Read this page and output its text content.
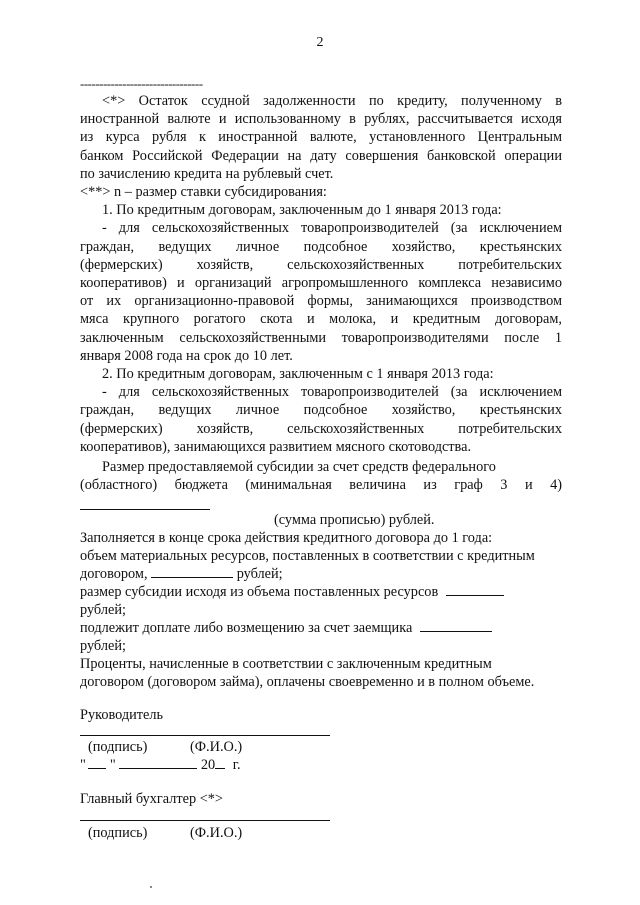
2
--------------------------------

<*> Остаток ссудной задолженности по кредиту, полученному в

иностранной валюте и использованному в рублях, рассчитывается исходя

из курса рубля к иностранной валюте, установленного Центральным

банком Российской Федерации на дату совершения банковской операции

по зачислению кредита на рублевый счет.

<**> n – размер ставки субсидирования:

1. По кредитным договорам, заключенным до 1 января 2013 года:

- для сельскохозяйственных товаропроизводителей (за исключением

граждан, ведущих личное подсобное хозяйство, крестьянских

(фермерских) хозяйств, сельскохозяйственных потребительских

кооперативов) и организаций агропромышленного комплекса независимо

от их организационно-правовой формы, занимающихся производством

мяса крупного рогатого скота и молока, и кредитным договорам,

заключенным сельскохозяйственными товаропроизводителями после 1

января 2008 года на срок до 10 лет.

2. По кредитным договорам, заключенным с 1 января 2013 года:

- для сельскохозяйственных товаропроизводителей (за исключением

граждан, ведущих личное подсобное хозяйство, крестьянских

(фермерских) хозяйств, сельскохозяйственных потребительских

кооперативов), занимающихся развитием мясного скотоводства.

Размер предоставляемой субсидии за счет средств федерального

(областного) бюджета (минимальная величина из граф 3 и 4)

(сумма прописью) рублей.
Заполняется в конце срока действия кредитного договора до 1 года:
объем материальных ресурсов, поставленных в соответствии с кредитным
договором,	рублей;
размер субсидии исходя из объема поставленных ресурсов
рублей;
подлежит доплате либо возмещению за счет заемщика
рублей;
Проценты, начисленные в соответствии с заключенным кредитным
договором (договором займа), оплачены своевременно и в полном объеме.
Руководитель
(подпись)	(Ф.И.О.)
" "	20 г.
Главный бухгалтер <*>
(подпись)	(Ф.И.О.)
